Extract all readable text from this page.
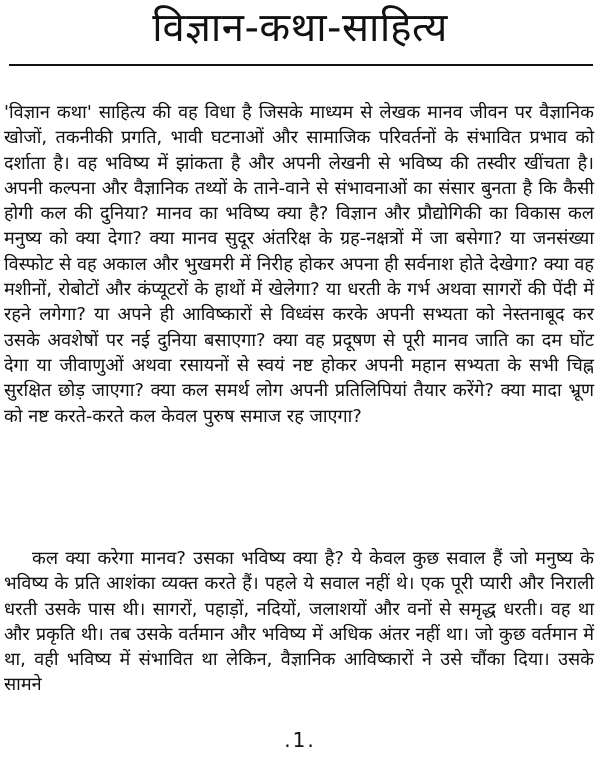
विज्ञान-कथा-साहित्य

'विज्ञान कथा' साहित्य की वह विधा है जिसके माध्यम से लेखक मानव जीवन पर वैज्ञानिक खोजों, तकनीकी प्रगति, भावी घटनाओं और सामाजिक परिवर्तनों के संभावित प्रभाव को दर्शाता है। वह भविष्य में झांकता है और अपनी लेखनी से भविष्य की तस्वीर खींचता है। अपनी कल्पना और वैज्ञानिक तथ्यों के ताने-वाने से संभावनाओं का संसार बुनता है कि कैसी होगी कल की दुनिया? मानव का भविष्य क्या है? विज्ञान और प्रौद्योगिकी का विकास कल मनुष्य को क्या देगा? क्या मानव सुदूर अंतरिक्ष के ग्रह-नक्षत्रों में जा बसेगा? या जनसंख्या विस्फोट से वह अकाल और भुखमरी में निरीह होकर अपना ही सर्वनाश होते देखेगा? क्या वह मशीनों, रोबोटों और कंप्यूटरों के हाथों में खेलेगा? या धरती के गर्भ अथवा सागरों की पेंदी में रहने लगेगा? या अपने ही आविष्कारों से विध्वंस करके अपनी सभ्यता को नेस्तनाबूद कर उसके अवशेषों पर नई दुनिया बसाएगा? क्या वह प्रदूषण से पूरी मानव जाति का दम घोंट देगा या जीवाणुओं अथवा रसायनों से स्वयं नष्ट होकर अपनी महान सभ्यता के सभी चिह्न सुरक्षित छोड़ जाएगा? क्या कल समर्थ लोग अपनी प्रतिलिपियां तैयार करेंगे? क्या मादा भ्रूण को नष्ट करते-करते कल केवल पुरुष समाज रह जाएगा?

कल क्या करेगा मानव? उसका भविष्य क्या है? ये केवल कुछ सवाल हैं जो मनुष्य के भविष्य के प्रति आशंका व्यक्त करते हैं। पहले ये सवाल नहीं थे। एक पूरी प्यारी और निराली धरती उसके पास थी। सागरों, पहाड़ों, नदियों, जलाशयों और वनों से समृद्ध धरती। वह था और प्रकृति थी। तब उसके वर्तमान और भविष्य में अधिक अंतर नहीं था। जो कुछ वर्तमान में था, वही भविष्य में संभावित था लेकिन, वैज्ञानिक आविष्कारों ने उसे चौंका दिया। उसके सामने

.1.
